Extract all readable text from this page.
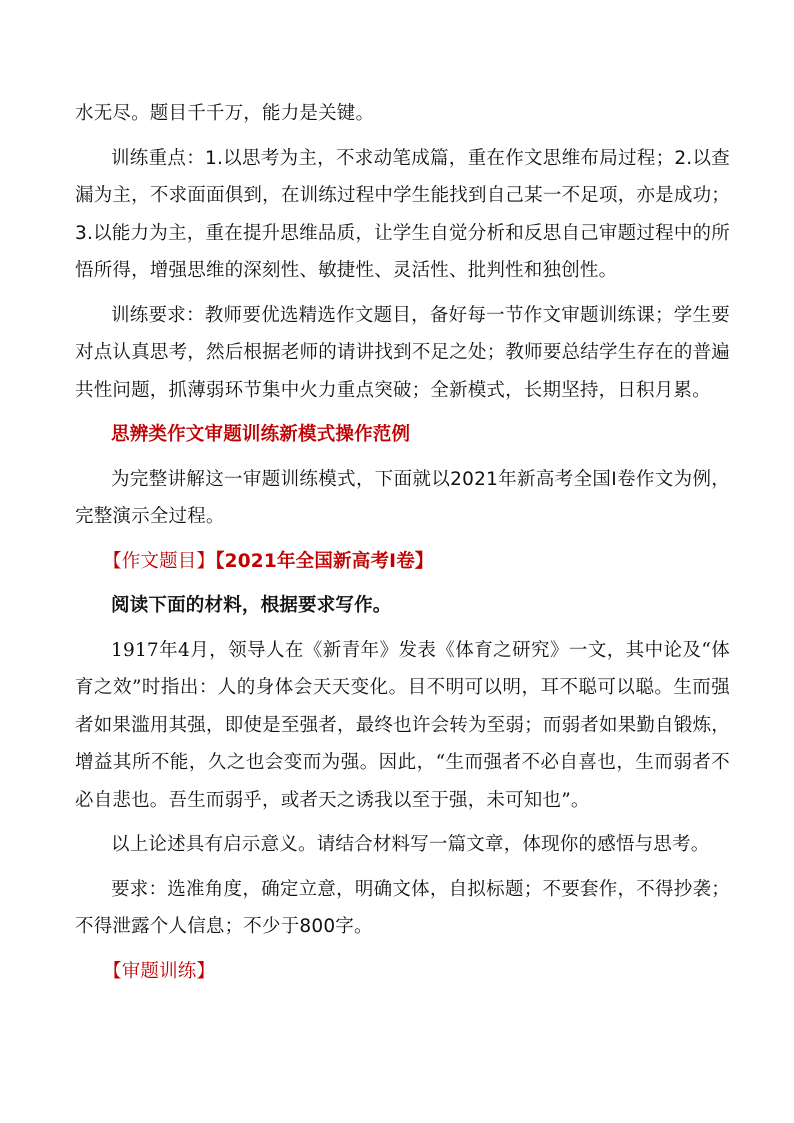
水无尽。题目千千万，能力是关键。

训练重点：1.以思考为主，不求动笔成篇，重在作文思维布局过程；2.以查漏为主，不求面面俱到，在训练过程中学生能找到自己某一不足项，亦是成功；3.以能力为主，重在提升思维品质，让学生自觉分析和反思自己审题过程中的所悟所得，增强思维的深刻性、敏捷性、灵活性、批判性和独创性。

训练要求：教师要优选精选作文题目，备好每一节作文审题训练课；学生要对点认真思考，然后根据老师的请讲找到不足之处；教师要总结学生存在的普遍共性问题，抓薄弱环节集中火力重点突破；全新模式，长期坚持，日积月累。

思辨类作文审题训练新模式操作范例

为完整讲解这一审题训练模式，下面就以2021年新高考全国Ⅰ卷作文为例，完整演示全过程。

【作文题目】【2021年全国新高考Ⅰ卷】

阅读下面的材料，根据要求写作。

1917年4月，领导人在《新青年》发表《体育之研究》一文，其中论及“体育之效”时指出：人的身体会天天变化。目不明可以明，耳不聪可以聪。生而强者如果滥用其强，即使是至强者，最终也许会转为至弱；而弱者如果勤自锻炼，增益其所不能，久之也会变而为强。因此，“生而强者不必自喜也，生而弱者不必自悲也。吾生而弱乎，或者天之诱我以至于强，未可知也”。

以上论述具有启示意义。请结合材料写一篇文章，体现你的感悟与思考。

要求：选准角度，确定立意，明确文体，自拟标题；不要套作，不得抄袭；不得泄露个人信息；不少于800字。

【审题训练】
